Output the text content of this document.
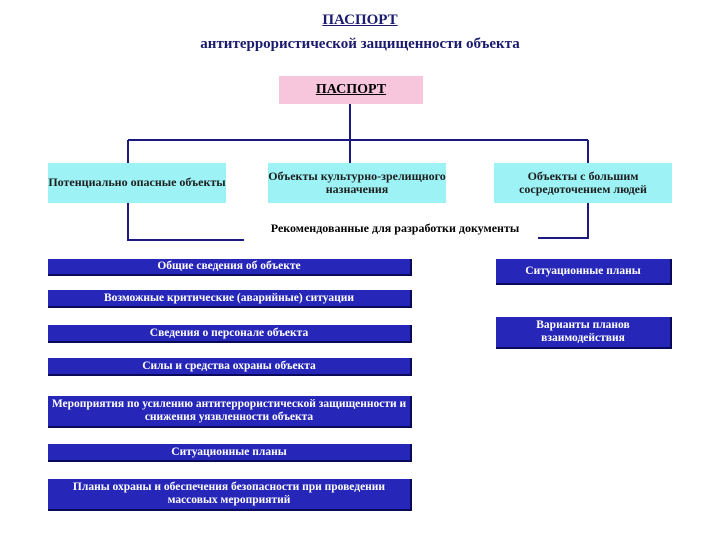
ПАСПОРТ
антитеррористической защищенности объекта
ПАСПОРТ
Потенциально опасные объекты	Объекты культурно-зрелищного назначения
Объекты с большим сосредоточением людей
Рекомендованные для разработки документы
Общие сведения об объекте
Возможные критические (аварийные) ситуации
Сведения о персонале объекта
Силы и средства охраны объекта
Мероприятия по усилению антитеррористической защищенности и снижения уязвленности объекта
Ситуационные планы
Планы охраны и обеспечения безопасности при проведении массовых мероприятий
Ситуационные планы
Варианты планов взаимодействия
